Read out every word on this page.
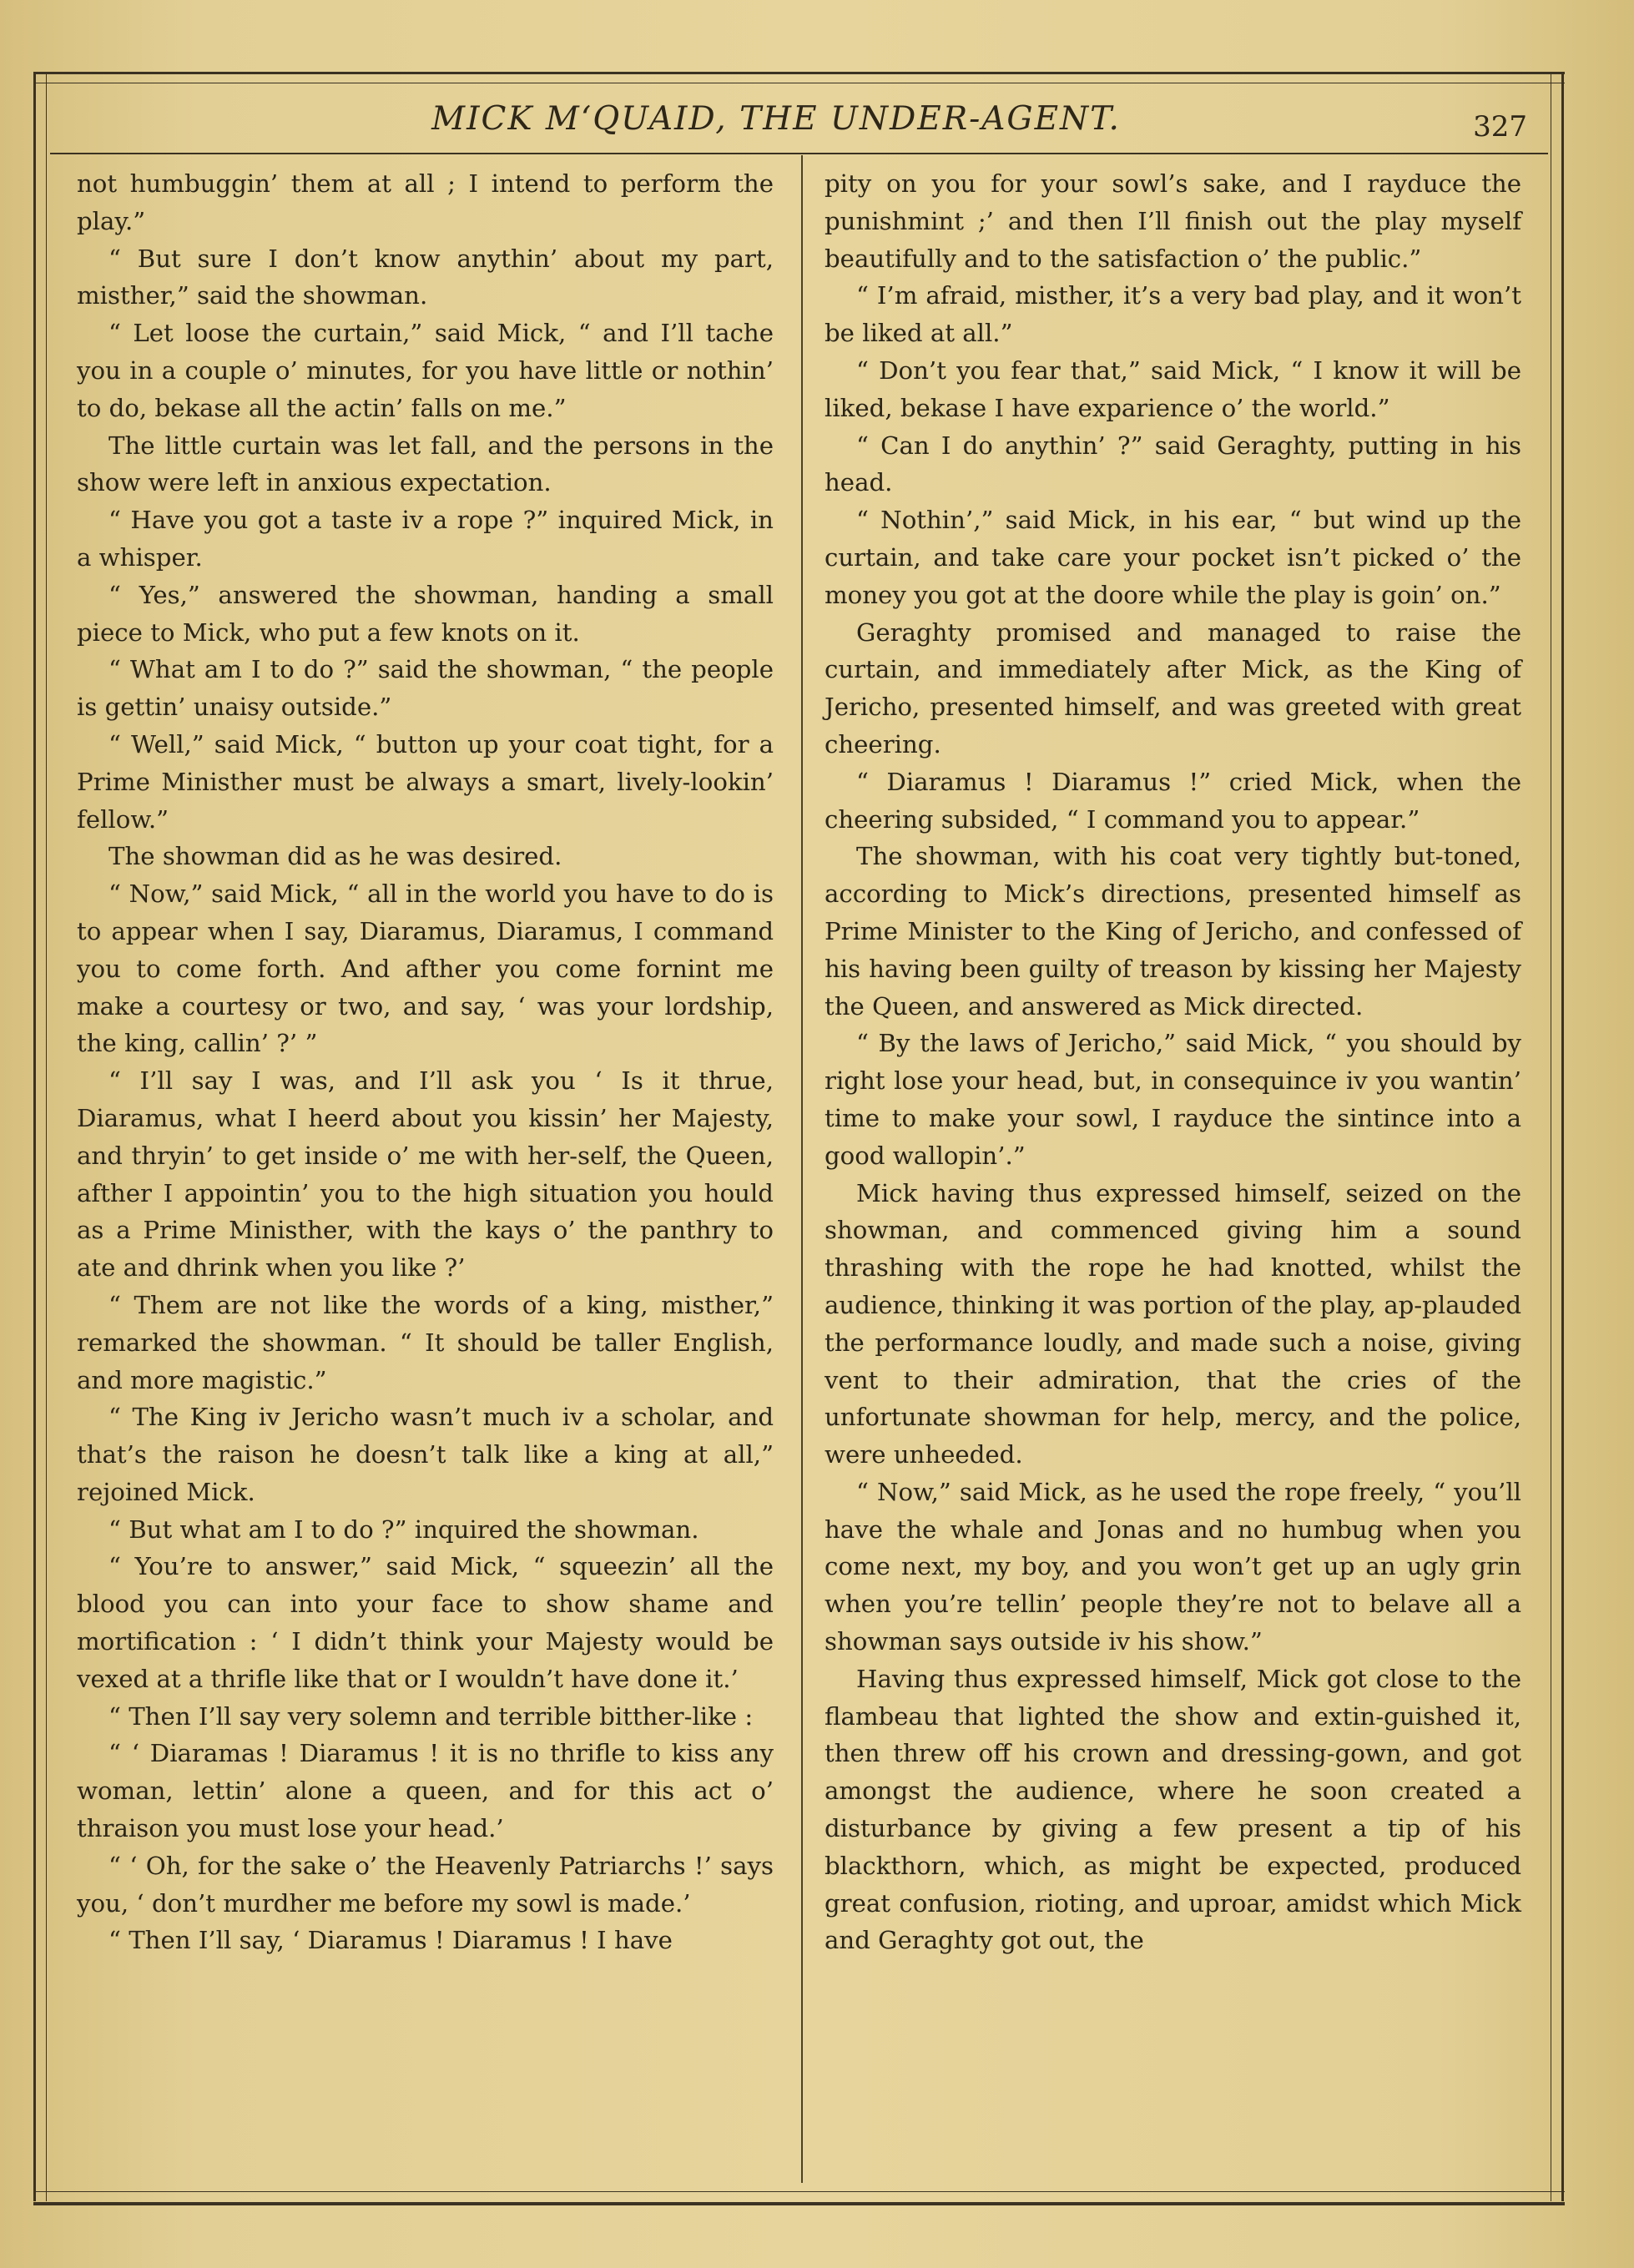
MICK M‘QUAID, THE UNDER-AGENT.	327

not humbuggin’ them at all ; I intend to perform the play.”

“ But sure I don’t know anythin’ about my part, misther,” said the showman.

“ Let loose the curtain,” said Mick, “ and I’ll tache you in a couple o’ minutes, for you have little or nothin’ to do, bekase all the actin’ falls on me.”

The little curtain was let fall, and the persons in the show were left in anxious expectation.

“ Have you got a taste iv a rope ?” inquired Mick, in a whisper.

“ Yes,” answered the showman, handing a small piece to Mick, who put a few knots on it.

“ What am I to do ?” said the showman, “ the people is gettin’ unaisy outside.”

“ Well,” said Mick, “ button up your coat tight, for a Prime Ministher must be always a smart, lively-lookin’ fellow.”

The showman did as he was desired.

“ Now,” said Mick, “ all in the world you have to do is to appear when I say, Diaramus, Diaramus, I command you to come forth. And afther you come fornint me make a courtesy or two, and say, ‘ was your lordship, the king, callin’ ?’ ”

“ I’ll say I was, and I’ll ask you ‘ Is it thrue, Diaramus, what I heerd about you kissin’ her Majesty, and thryin’ to get inside o’ me with her-self, the Queen, afther I appointin’ you to the high situation you hould as a Prime Ministher, with the kays o’ the panthry to ate and dhrink when you like ?’

“ Them are not like the words of a king, misther,” remarked the showman. “ It should be taller English, and more magistic.”

“ The King iv Jericho wasn’t much iv a scholar, and that’s the raison he doesn’t talk like a king at all,” rejoined Mick.

“ But what am I to do ?” inquired the showman.

“ You’re to answer,” said Mick, “ squeezin’ all the blood you can into your face to show shame and mortification : ‘ I didn’t think your Majesty would be vexed at a thrifle like that or I wouldn’t have done it.’

“ Then I’ll say very solemn and terrible bitther-like :

“ ‘ Diaramas ! Diaramus ! it is no thrifle to kiss any woman, lettin’ alone a queen, and for this act o’ thraison you must lose your head.’

“ ‘ Oh, for the sake o’ the Heavenly Patriarchs !’ says you, ‘ don’t murdher me before my sowl is made.’

“ Then I’ll say, ‘ Diaramus ! Diaramus ! I have

pity on you for your sowl’s sake, and I rayduce the punishmint ;’ and then I’ll finish out the play myself beautifully and to the satisfaction o’ the public.”

“ I’m afraid, misther, it’s a very bad play, and it won’t be liked at all.”

“ Don’t you fear that,” said Mick, “ I know it will be liked, bekase I have exparience o’ the world.”

“ Can I do anythin’ ?” said Geraghty, putting in his head.

“ Nothin’,” said Mick, in his ear, “ but wind up the curtain, and take care your pocket isn’t picked o’ the money you got at the doore while the play is goin’ on.”

Geraghty promised and managed to raise the curtain, and immediately after Mick, as the King of Jericho, presented himself, and was greeted with great cheering.

“ Diaramus ! Diaramus !” cried Mick, when the cheering subsided, “ I command you to appear.”

The showman, with his coat very tightly but-toned, according to Mick’s directions, presented himself as Prime Minister to the King of Jericho, and confessed of his having been guilty of treason by kissing her Majesty the Queen, and answered as Mick directed.

“ By the laws of Jericho,” said Mick, “ you should by right lose your head, but, in consequince iv you wantin’ time to make your sowl, I rayduce the sintince into a good wallopin’.”

Mick having thus expressed himself, seized on the showman, and commenced giving him a sound thrashing with the rope he had knotted, whilst the audience, thinking it was portion of the play, ap-plauded the performance loudly, and made such a noise, giving vent to their admiration, that the cries of the unfortunate showman for help, mercy, and the police, were unheeded.

“ Now,” said Mick, as he used the rope freely, “ you’ll have the whale and Jonas and no humbug when you come next, my boy, and you won’t get up an ugly grin when you’re tellin’ people they’re not to belave all a showman says outside iv his show.”

Having thus expressed himself, Mick got close to the flambeau that lighted the show and extin-guished it, then threw off his crown and dressing-gown, and got amongst the audience, where he soon created a disturbance by giving a few present a tip of his blackthorn, which, as might be expected, produced great confusion, rioting, and uproar, amidst which Mick and Geraghty got out, the
